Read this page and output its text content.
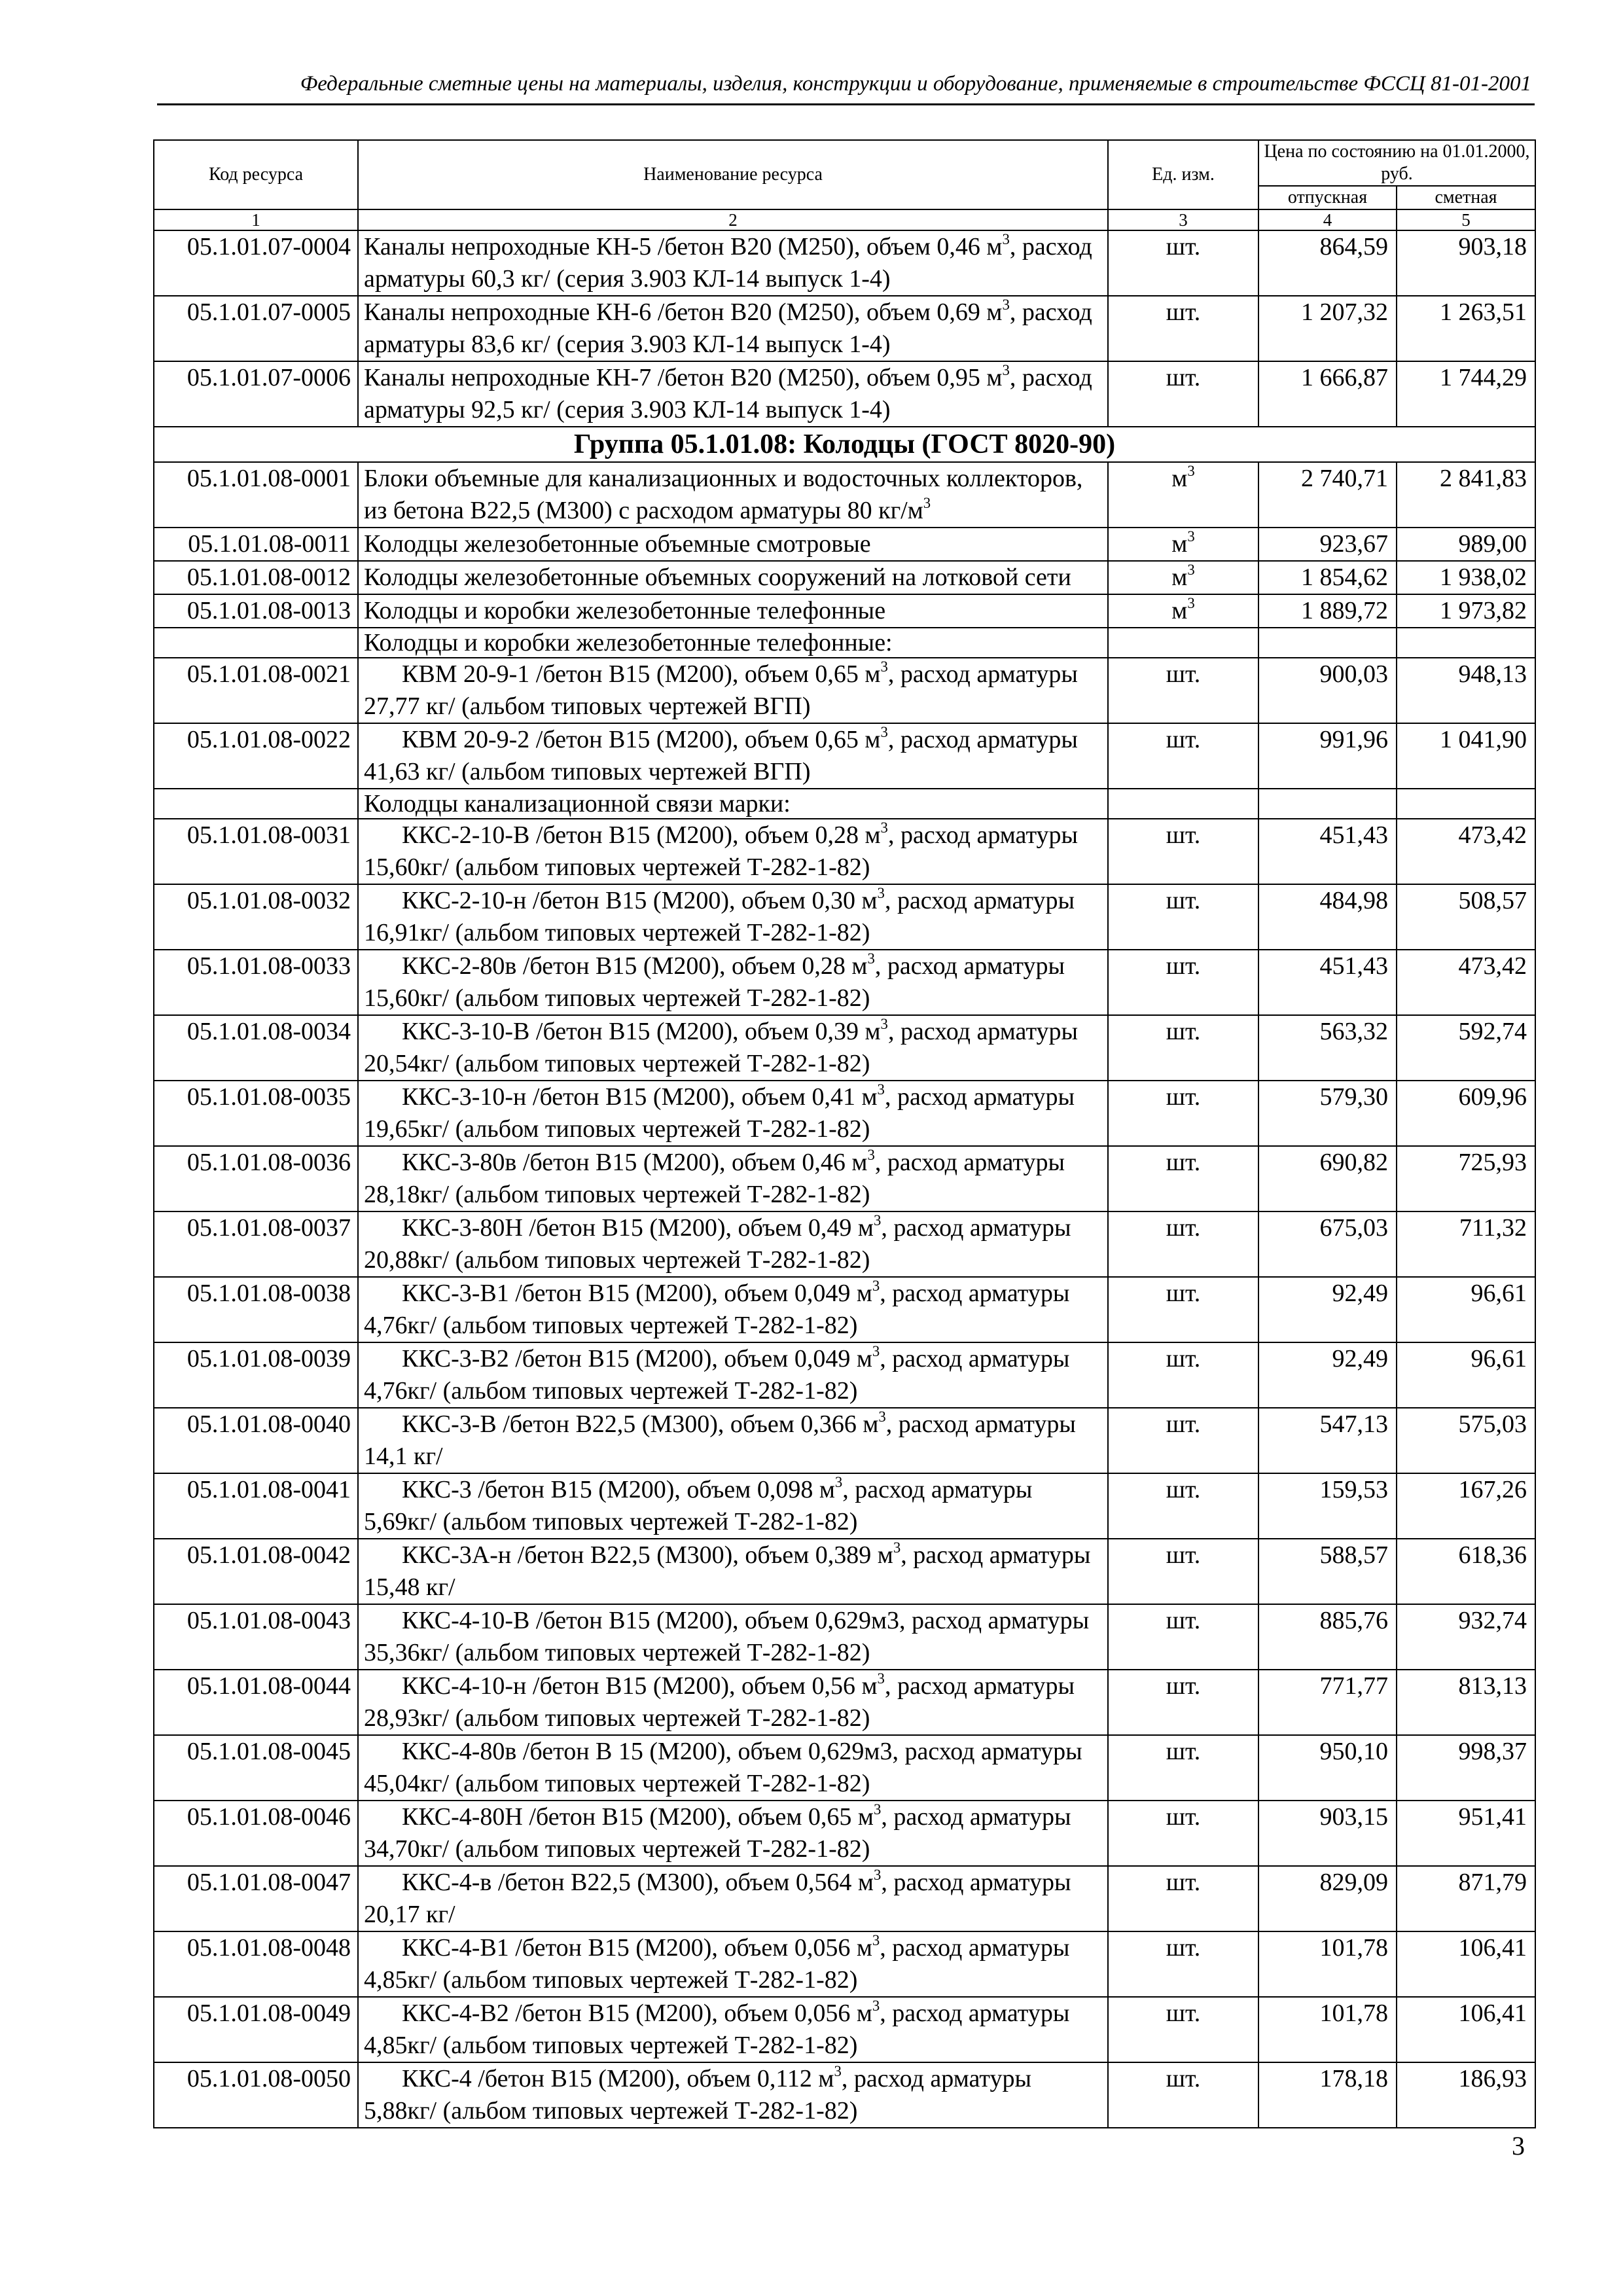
Федеральные сметные цены на материалы, изделия, конструкции и оборудование, применяемые в строительстве ФССЦ 81-01-2001
Код ресурса	Наименование ресурса	Ед. изм.	Цена по состоянию на 01.01.2000, руб.	
			отпускная	сметная
1	2	3	4	5
05.1.01.07-0004	Каналы непроходные КН-5 /бетон В20 (М250), объем 0,46 $м^3$, расход арматуры 60,3 кг/ (серия 3.903 КЛ-14 выпуск 1-4)	шт.	864,59	903,18
05.1.01.07-0005	Каналы непроходные КН-6 /бетон В20 (М250), объем 0,69 $м^3$, расход арматуры 83,6 кг/ (серия 3.903 КЛ-14 выпуск 1-4)	шт.	1 207,32	1 263,51
05.1.01.07-0006	Каналы непроходные КН-7 /бетон В20 (М250), объем 0,95 $м^3$, расход арматуры 92,5 кг/ (серия 3.903 КЛ-14 выпуск 1-4)	шт.	1 666,87	1 744,29
Группа 05.1.01.08: Колодцы (ГОСТ 8020-90)				
05.1.01.08-0001	Блоки объемные для канализационных и водосточных коллекторов, из бетона В22,5 (М300) с расходом арматуры 80 $кг/м^3$	$м^3$	2 740,71	2 841,83
05.1.01.08-0011	Колодцы железобетонные объемные смотровые	$м^3$	923,67	989,00
05.1.01.08-0012	Колодцы железобетонные объемных сооружений на лотковой сети	$м^3$	1 854,62	1 938,02
05.1.01.08-0013	Колодцы и коробки железобетонные телефонные	$м^3$	1 889,72	1 973,82
	Колодцы и коробки железобетонные телефонные:			
05.1.01.08-0021	КВМ 20-9-1 /бетон В15 (М200), объем 0,65 $м^3$, расход арматуры 27,77 кг/ (альбом типовых чертежей ВГП)	шт.	900,03	948,13
05.1.01.08-0022	КВМ 20-9-2 /бетон В15 (М200), объем 0,65 $м^3$, расход арматуры 41,63 кг/ (альбом типовых чертежей ВГП)	шт.	991,96	1 041,90
	Колодцы канализационной связи марки:			
05.1.01.08-0031	ККС-2-10-В /бетон В15 (М200), объем 0,28 $м^3$, расход арматуры 15,60кг/ (альбом типовых чертежей Т-282-1-82)	шт.	451,43	473,42
05.1.01.08-0032	ККС-2-10-н /бетон В15 (М200), объем 0,30 $м^3$, расход арматуры 16,91кг/ (альбом типовых чертежей Т-282-1-82)	шт.	484,98	508,57
05.1.01.08-0033	ККС-2-80в /бетон В15 (М200), объем 0,28 $м^3$, расход арматуры 15,60кг/ (альбом типовых чертежей Т-282-1-82)	шт.	451,43	473,42
05.1.01.08-0034	ККС-3-10-В /бетон В15 (М200), объем 0,39 $м^3$, расход арматуры 20,54кг/ (альбом типовых чертежей Т-282-1-82)	шт.	563,32	592,74
05.1.01.08-0035	ККС-3-10-н /бетон В15 (М200), объем 0,41 $м^3$, расход арматуры 19,65кг/ (альбом типовых чертежей Т-282-1-82)	шт.	579,30	609,96
05.1.01.08-0036	ККС-3-80в /бетон В15 (М200), объем 0,46 $м^3$, расход арматуры 28,18кг/ (альбом типовых чертежей Т-282-1-82)	шт.	690,82	725,93
05.1.01.08-0037	ККС-3-80Н /бетон В15 (М200), объем 0,49 $м^3$, расход арматуры 20,88кг/ (альбом типовых чертежей Т-282-1-82)	шт.	675,03	711,32
05.1.01.08-0038	ККС-3-В1 /бетон В15 (М200), объем 0,049 $м^3$, расход арматуры 4,76кг/ (альбом типовых чертежей Т-282-1-82)	шт.	92,49	96,61
05.1.01.08-0039	ККС-3-В2 /бетон В15 (М200), объем 0,049 $м^3$, расход арматуры 4,76кг/ (альбом типовых чертежей Т-282-1-82)	шт.	92,49	96,61
05.1.01.08-0040	ККС-3-В /бетон В22,5 (М300), объем 0,366 $м^3$, расход арматуры 14,1 кг/	шт.	547,13	575,03
05.1.01.08-0041	ККС-3 /бетон В15 (М200), объем 0,098 $м^3$, расход арматуры 5,69кг/ (альбом типовых чертежей Т-282-1-82)	шт.	159,53	167,26
05.1.01.08-0042	ККС-3А-н /бетон В22,5 (М300), объем 0,389 $м^3$, расход арматуры 15,48 кг/	шт.	588,57	618,36
05.1.01.08-0043	ККС-4-10-В /бетон В15 (М200), объем 0,629м3, расход арматуры 35,36кг/ (альбом типовых чертежей Т-282-1-82)	шт.	885,76	932,74
05.1.01.08-0044	ККС-4-10-н /бетон В15 (М200), объем 0,56 $м^3$, расход арматуры 28,93кг/ (альбом типовых чертежей Т-282-1-82)	шт.	771,77	813,13
05.1.01.08-0045	ККС-4-80в /бетон В 15 (М200), объем 0,629м3, расход арматуры 45,04кг/ (альбом типовых чертежей Т-282-1-82)	шт.	950,10	998,37
05.1.01.08-0046	ККС-4-80Н /бетон В15 (М200), объем 0,65 $м^3$, расход арматуры 34,70кг/ (альбом типовых чертежей Т-282-1-82)	шт.	903,15	951,41
05.1.01.08-0047	ККС-4-в /бетон В22,5 (М300), объем 0,564 $м^3$, расход арматуры 20,17 кг/	шт.	829,09	871,79
05.1.01.08-0048	ККС-4-В1 /бетон В15 (М200), объем 0,056 $м^3$, расход арматуры 4,85кг/ (альбом типовых чертежей Т-282-1-82)	шт.	101,78	106,41
05.1.01.08-0049	ККС-4-В2 /бетон В15 (М200), объем 0,056 $м^3$, расход арматуры 4,85кг/ (альбом типовых чертежей Т-282-1-82)	шт.	101,78	106,41
05.1.01.08-0050	ККС-4 /бетон В15 (М200), объем 0,112 $м^3$, расход арматуры 5,88кг/ (альбом типовых чертежей Т-282-1-82)	шт.	178,18	186,93
3
